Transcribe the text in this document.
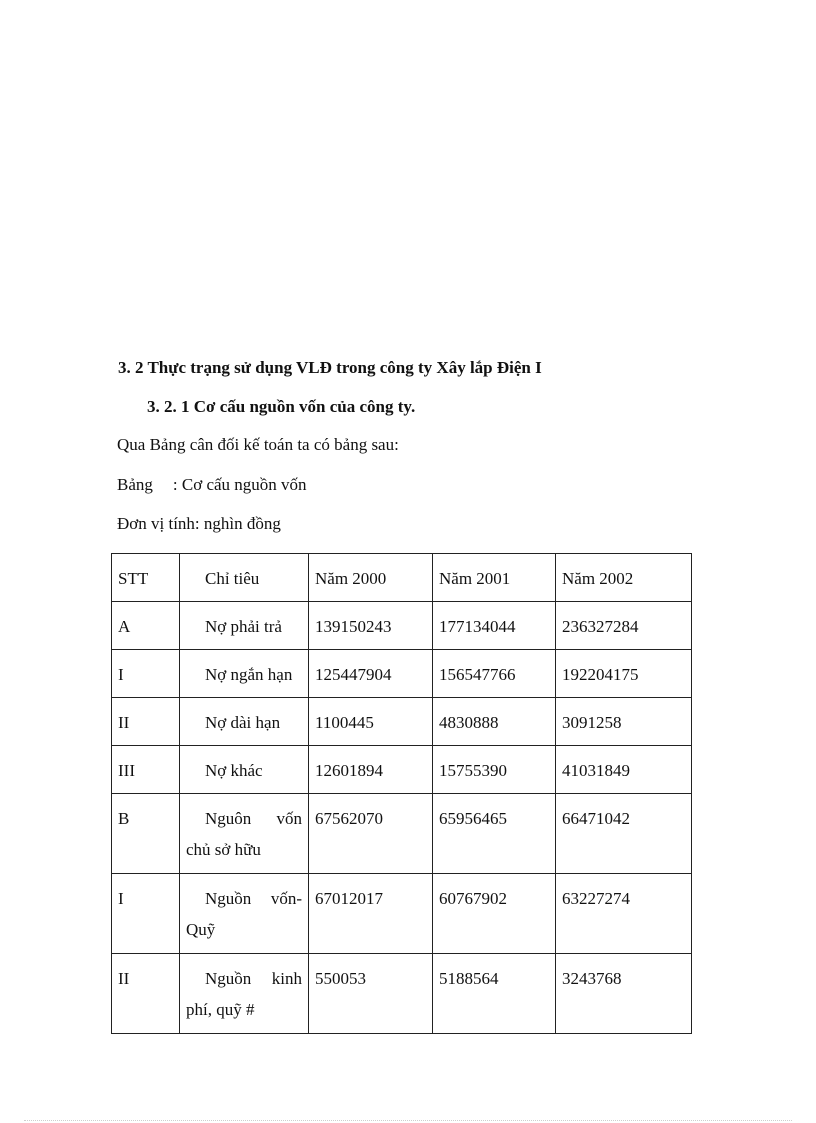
3. 2 Thực trạng sử dụng VLĐ trong công ty Xây lắp Điện I
3. 2. 1 Cơ cấu nguồn vốn của công ty.
Qua Bảng cân đối kế toán ta có bảng sau:
Bảng : Cơ cấu nguồn vốn
Đơn vị tính: nghìn đồng
STT	Chỉ tiêu	Năm 2000	Năm 2001	Năm 2002
A	Nợ phải trả	139150243	177134044	236327284
I	Nợ ngắn hạn	125447904	156547766	192204175
II	Nợ dài hạn	1100445	4830888	3091258
III	Nợ khác	12601894	15755390	41031849
B	Nguôn vốn chủ sở hữu	67562070	65956465	66471042
I	Nguồn vốn-Quỹ	67012017	60767902	63227274
II	Nguồn kinh phí, quỹ #	550053	5188564	3243768
